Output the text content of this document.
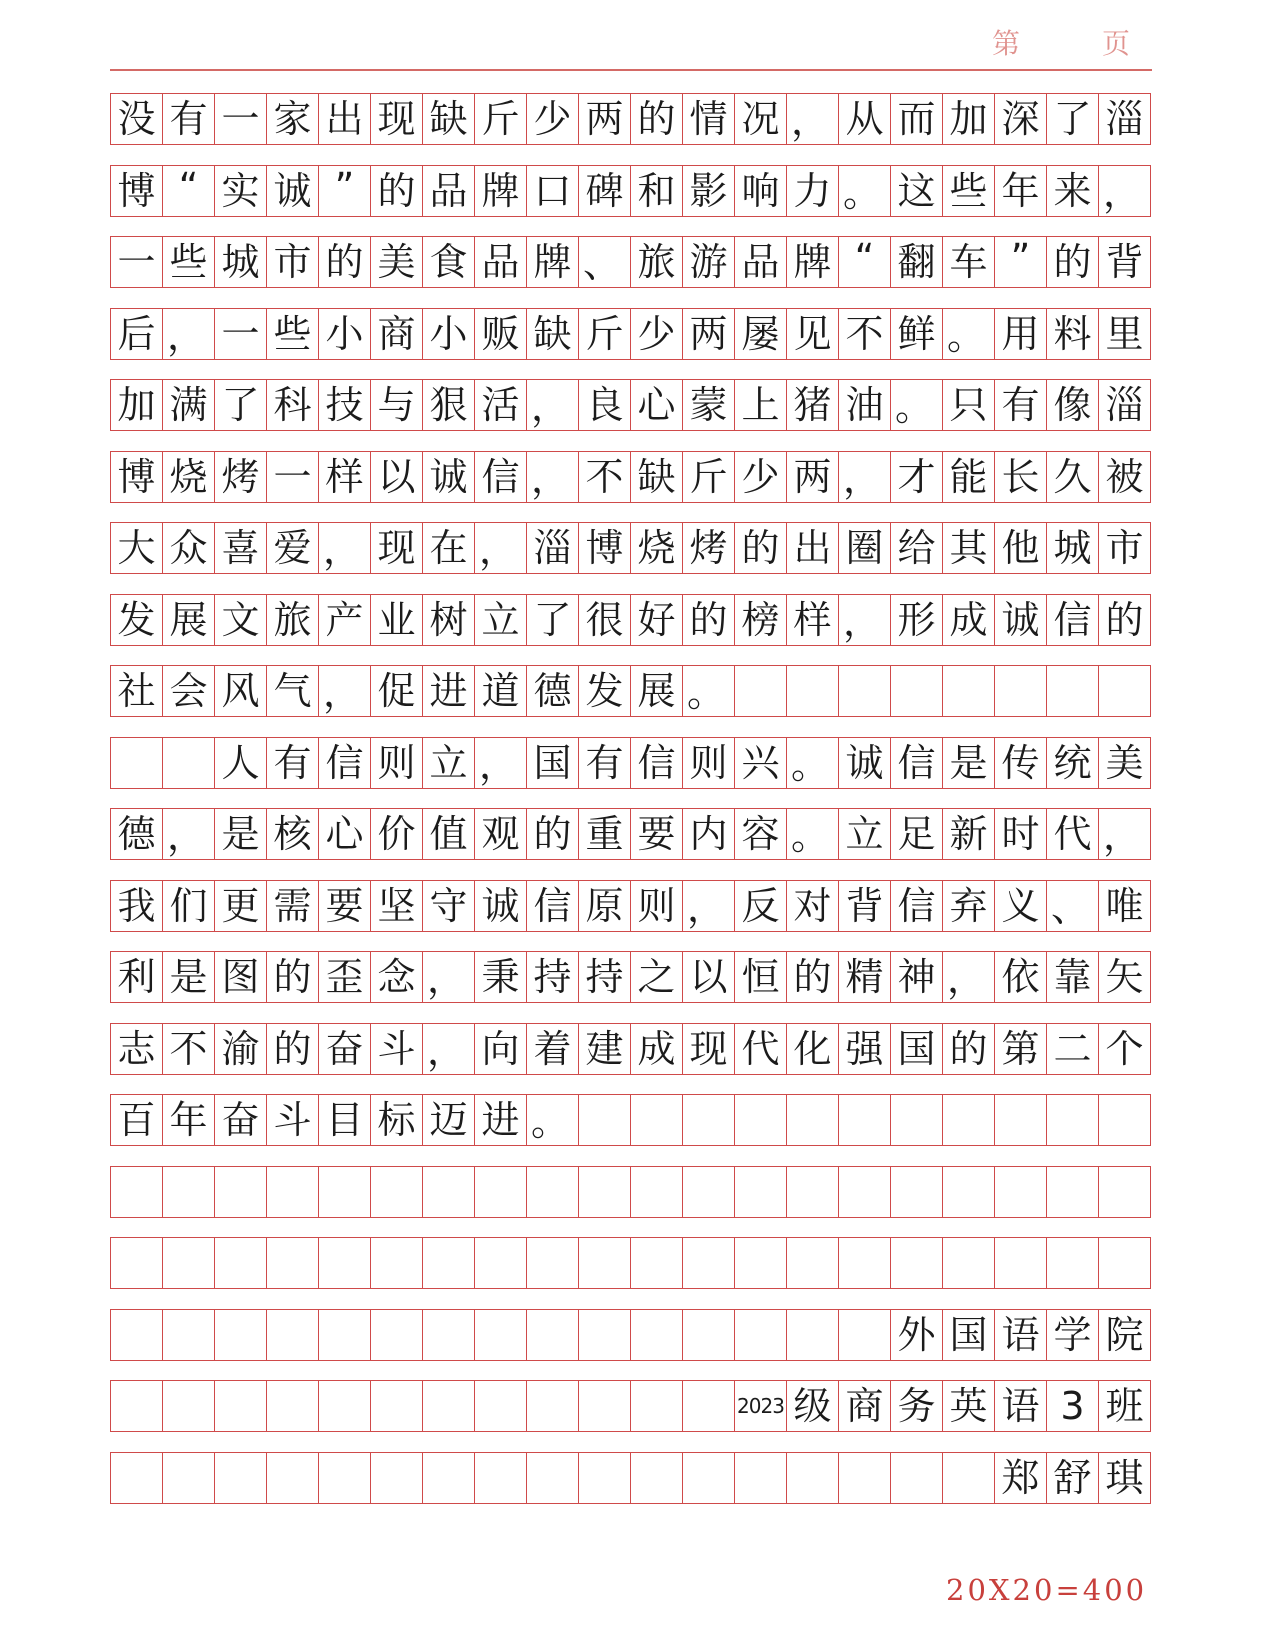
第	页
没 有 一 家 出 现 缺 斤 少 两 的 情 况 ， 从 而 加 深 了 淄
博 “ 实 诚 ” 的 品 牌 口 碑 和 影 响 力 。 这 些 年 来 ，
一 些 城 市 的 美 食 品 牌 、 旅 游 品 牌 “ 翻 车 ” 的 背
后 ， 一 些 小 商 小 贩 缺 斤 少 两 屡 见 不 鲜 。 用 料 里
加 满 了 科 技 与 狠 活 ， 良 心 蒙 上 猪 油 。 只 有 像 淄
博 烧 烤 一 样 以 诚 信 ， 不 缺 斤 少 两 ， 才 能 长 久 被
大 众 喜 爱 ， 现 在 ， 淄 博 烧 烤 的 出 圈 给 其 他 城 市
发 展 文 旅 产 业 树 立 了 很 好 的 榜 样 ， 形 成 诚 信 的
社 会 风 气 ， 促 进 道 德 发 展 。
人 有 信 则 立 ， 国 有 信 则 兴 。 诚 信 是 传 统 美
德 ， 是 核 心 价 值 观 的 重 要 内 容 。 立 足 新 时 代 ，
我 们 更 需 要 坚 守 诚 信 原 则 ， 反 对 背 信 弃 义 、 唯
利 是 图 的 歪 念 ， 秉 持 持 之 以 恒 的 精 神 ， 依 靠 矢
志 不 渝 的 奋 斗 ， 向 着 建 成 现 代 化 强 国 的 第 二 个
百 年 奋 斗 目 标 迈 进 。
外 国 语 学 院
2023 级 商 务 英 语 3 班
郑 舒 琪
20X20=400
